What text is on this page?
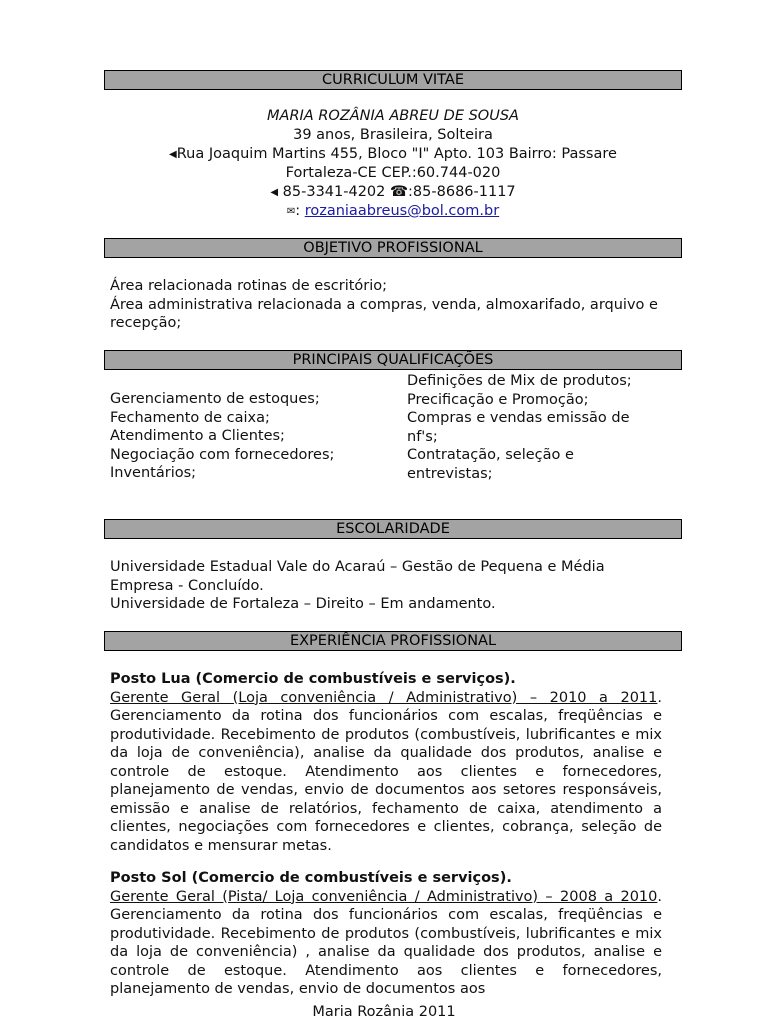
CURRICULUM VITAE
MARIA ROZÂNIA ABREU DE SOUSA
39 anos, Brasileira, Solteira
◀Rua Joaquim Martins 455, Bloco "I" Apto. 103 Bairro: Passare
Fortaleza-CE CEP.:60.744-020
◀ 85-3341-4202 ☎:85-8686-1117
✉: rozaniaabreus@bol.com.br
OBJETIVO PROFISSIONAL
Área relacionada rotinas de escritório;
Área administrativa relacionada a compras, venda, almoxarifado, arquivo e recepção;
PRINCIPAIS QUALIFICAÇÕES
Gerenciamento de estoques;
Fechamento de caixa;
Atendimento a Clientes;
Negociação com fornecedores;
Inventários;
Definições de Mix de produtos;
Precificação e Promoção;
Compras e vendas emissão de nf's;
Contratação, seleção e entrevistas;
ESCOLARIDADE
Universidade Estadual Vale do Acaraú – Gestão de Pequena e Média Empresa - Concluído.
Universidade de Fortaleza – Direito – Em andamento.
EXPERIÊNCIA PROFISSIONAL
Posto Lua (Comercio de combustíveis e serviços).
Gerente Geral (Loja conveniência / Administrativo) – 2010 a 2011. Gerenciamento da rotina dos funcionários com escalas, freqüências e produtividade. Recebimento de produtos (combustíveis, lubrificantes e mix da loja de conveniência), analise da qualidade dos produtos, analise e controle de estoque. Atendimento aos clientes e fornecedores, planejamento de vendas, envio de documentos aos setores responsáveis, emissão e analise de relatórios, fechamento de caixa, atendimento a clientes, negociações com fornecedores e clientes, cobrança, seleção de candidatos e mensurar metas.
Posto Sol (Comercio de combustíveis e serviços).
Gerente Geral (Pista/ Loja conveniência / Administrativo) – 2008 a 2010. Gerenciamento da rotina dos funcionários com escalas, freqüências e produtividade. Recebimento de produtos (combustíveis, lubrificantes e mix da loja de conveniência) , analise da qualidade dos produtos, analise e controle de estoque. Atendimento aos clientes e fornecedores, planejamento de vendas, envio de documentos aos
Maria Rozânia 2011
